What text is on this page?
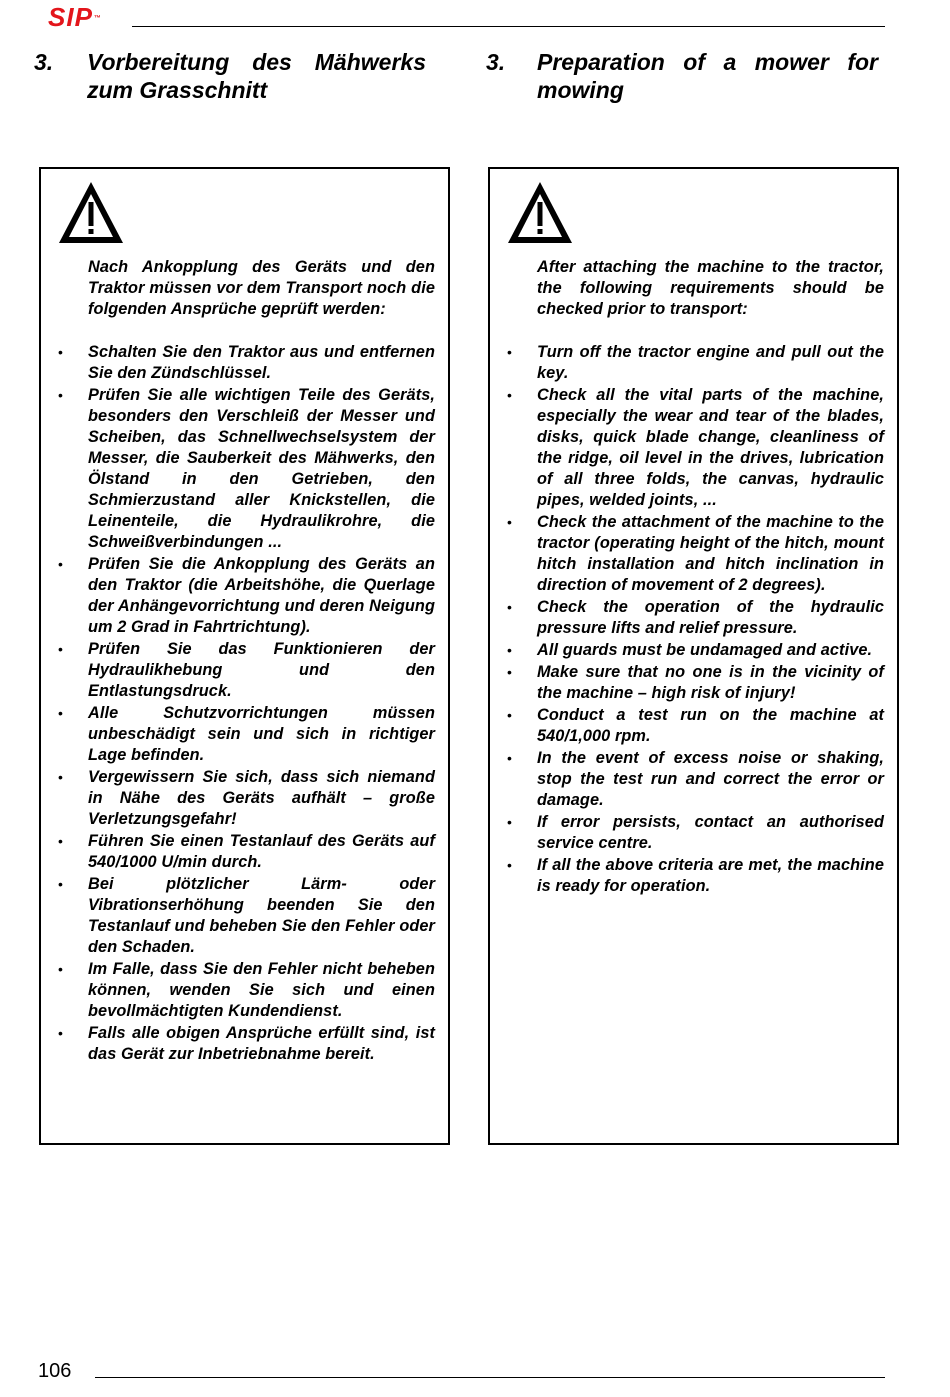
SIP™
3.	Vorbereitung des Mähwerks zum Grasschnitt
3.	Preparation of a mower for mowing

Nach Ankopplung des Geräts und den Traktor müssen vor dem Transport noch die folgenden Ansprüche geprüft werden:

• Schalten Sie den Traktor aus und entfernen Sie den Zündschlüssel.
• Prüfen Sie alle wichtigen Teile des Geräts, besonders den Verschleiß der Messer und Scheiben, das Schnellwechselsystem der Messer, die Sauberkeit des Mähwerks, den Ölstand in den Getrieben, den Schmierzustand aller Knickstellen, die Leinenteile, die Hydraulikrohre, die Schweißverbindungen ...
• Prüfen Sie die Ankopplung des Geräts an den Traktor (die Arbeitshöhe, die Querlage der Anhängevorrichtung und deren Neigung um 2 Grad in Fahrtrichtung).
• Prüfen Sie das Funktionieren der Hydraulikhebung und den Entlastungsdruck.
• Alle Schutzvorrichtungen müssen unbeschädigt sein und sich in richtiger Lage befinden.
• Vergewissern Sie sich, dass sich niemand in Nähe des Geräts aufhält – große Verletzungsgefahr!
• Führen Sie einen Testanlauf des Geräts auf 540/1000 U/min durch.
• Bei plötzlicher Lärm- oder Vibrationserhöhung beenden Sie den Testanlauf und beheben Sie den Fehler oder den Schaden.
• Im Falle, dass Sie den Fehler nicht beheben können, wenden Sie sich und einen bevollmächtigten Kundendienst.
• Falls alle obigen Ansprüche erfüllt sind, ist das Gerät zur Inbetriebnahme bereit.

After attaching the machine to the tractor, the following requirements should be checked prior to transport:

• Turn off the tractor engine and pull out the key.
• Check all the vital parts of the machine, especially the wear and tear of the blades, disks, quick blade change, cleanliness of the ridge, oil level in the drives, lubrication of all three folds, the canvas, hydraulic pipes, welded joints, ...
• Check the attachment of the machine to the tractor (operating height of the hitch, mount hitch installation and hitch inclination in direction of movement of 2 degrees).
• Check the operation of the hydraulic pressure lifts and relief pressure.
• All guards must be undamaged and active.
• Make sure that no one is in the vicinity of the machine – high risk of injury!
• Conduct a test run on the machine at 540/1,000 rpm.
• In the event of excess noise or shaking, stop the test run and correct the error or damage.
• If error persists, contact an authorised service centre.
• If all the above criteria are met, the machine is ready for operation.
106
